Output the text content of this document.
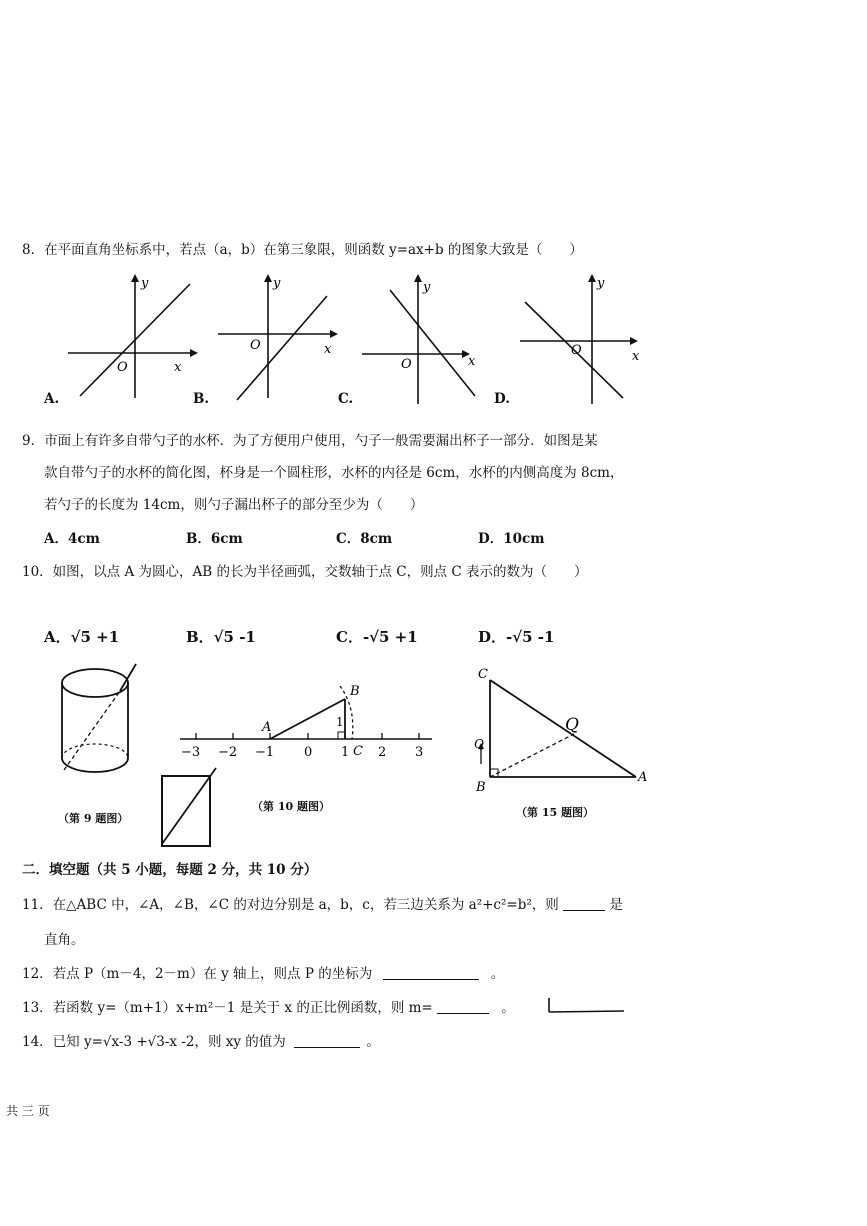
8．在平面直角坐标系中，若点（a，b）在第三象限，则函数 y=ax+b 的图象大致是（　　）
O	x
y
O	x
y
O	x
y
O	x
y
A.	B.	C.	D.
9．市面上有许多自带勺子的水杯．为了方便用户使用，勺子一般需要漏出杯子一部分．如图是某
款自带勺子的水杯的简化图，杯身是一个圆柱形，水杯的内径是 6cm，水杯的内侧高度为 8cm，
若勺子的长度为 14cm，则勺子漏出杯子的部分至少为（　　）
A．4cm	B．6cm	C．8cm	D．10cm
10．如图，以点 A 为圆心，AB 的长为半径画弧，交数轴于点 C，则点 C 表示的数为（　　）
A．√5 +1	B．√5 -1	C．-√5 +1	D．-√5 -1
（第 9 题图）
−3 −2 −1 0 1 2 3
A
B
C
1
（第 10 题图）
C
B
A
Q
Q
（第 15 题图）
二．填空题（共 5 小题，每题 2 分，共 10 分）
11．在△ABC 中，∠A，∠B，∠C 的对边分别是 a，b，c，若三边关系为 a²+c²=b²，则	是
直角。
12．若点 P（m－4，2－m）在 y 轴上，则点 P 的坐标为	。
13．若函数 y=（m+1）x+m²－1 是关于 x 的正比例函数，则 m=	。
14．已知 y=√x-3 +√3-x -2，则 xy 的值为	。
共 三 页
